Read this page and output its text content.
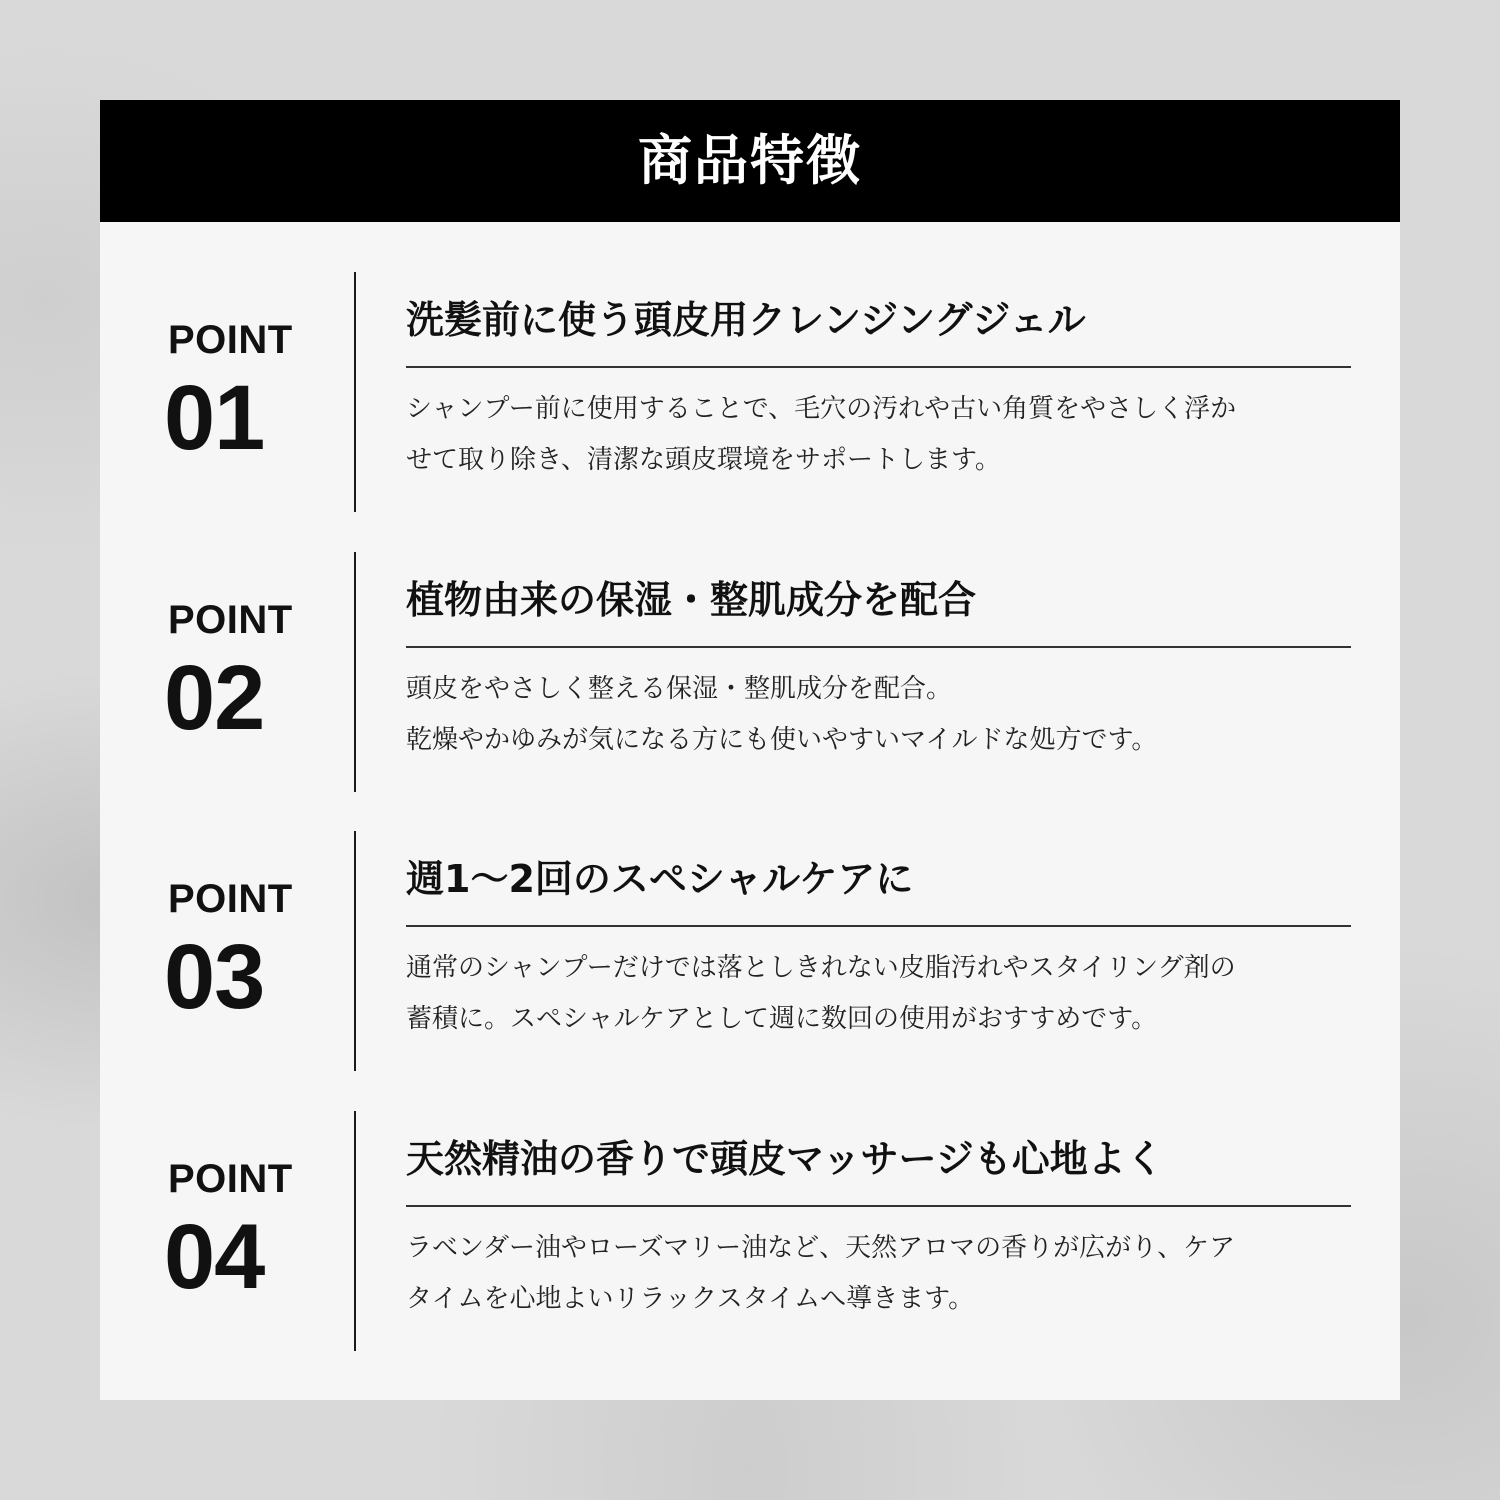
商品特徴
POINT
01
洗髪前に使う頭皮用クレンジングジェル
シャンプー前に使用することで、毛穴の汚れや古い角質をやさしく浮か
せて取り除き、清潔な頭皮環境をサポートします。
POINT
02
植物由来の保湿・整肌成分を配合
頭皮をやさしく整える保湿・整肌成分を配合。
乾燥やかゆみが気になる方にも使いやすいマイルドな処方です。
POINT
03
週1～2回のスペシャルケアに
通常のシャンプーだけでは落としきれない皮脂汚れやスタイリング剤の
蓄積に。スペシャルケアとして週に数回の使用がおすすめです。
POINT
04
天然精油の香りで頭皮マッサージも心地よく
ラベンダー油やローズマリー油など、天然アロマの香りが広がり、ケア
タイムを心地よいリラックスタイムへ導きます。
